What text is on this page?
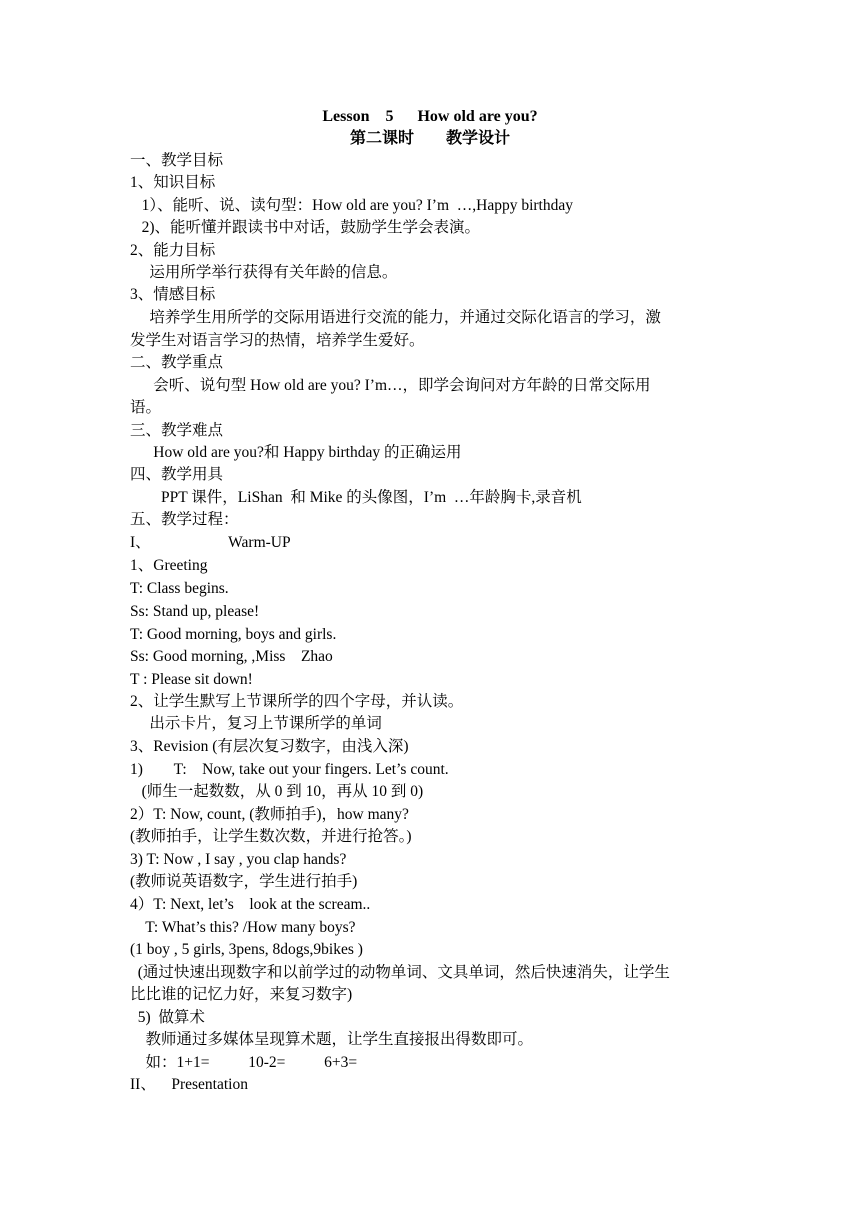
Lesson    5      How old are you?
第二课时        教学设计
一、教学目标
1、知识目标
1）、能听、说、读句型：How old are you? I’m  …,Happy birthday
2)、能听懂并跟读书中对话，鼓励学生学会表演。
2、能力目标
运用所学举行获得有关年龄的信息。
3、情感目标
培养学生用所学的交际用语进行交流的能力，并通过交际化语言的学习，激
发学生对语言学习的热情，培养学生爱好。
二、教学重点
会听、说句型 How old are you? I’m…，即学会询问对方年龄的日常交际用
语。
三、教学难点
How old are you?和 Happy birthday 的正确运用
四、教学用具
PPT 课件，LiShan  和 Mike 的头像图，I’m  …年龄胸卡,录音机
五、教学过程：
I、                    Warm-UP
1、Greeting
T: Class begins.
Ss: Stand up, please!
T: Good morning, boys and girls.
Ss: Good morning, ,Miss    Zhao
T : Please sit down!
2、让学生默写上节课所学的四个字母，并认读。
出示卡片，复习上节课所学的单词
3、Revision (有层次复习数字，由浅入深)
1)        T:    Now, take out your fingers. Let’s count.
(师生一起数数，从 0 到 10，再从 10 到 0)
2）T: Now, count, (教师拍手)，how many?
(教师拍手，让学生数次数，并进行抢答。)
3) T: Now , I say , you clap hands?
(教师说英语数字，学生进行拍手)
4）T: Next, let’s    look at the scream..
T: What’s this? /How many boys?
(1 boy , 5 girls, 3pens, 8dogs,9bikes )
(通过快速出现数字和以前学过的动物单词、文具单词，然后快速消失，让学生
比比谁的记忆力好，来复习数字)
5)  做算术
教师通过多媒体呈现算术题，让学生直接报出得数即可。
如：1+1=          10-2=          6+3=
II、    Presentation
